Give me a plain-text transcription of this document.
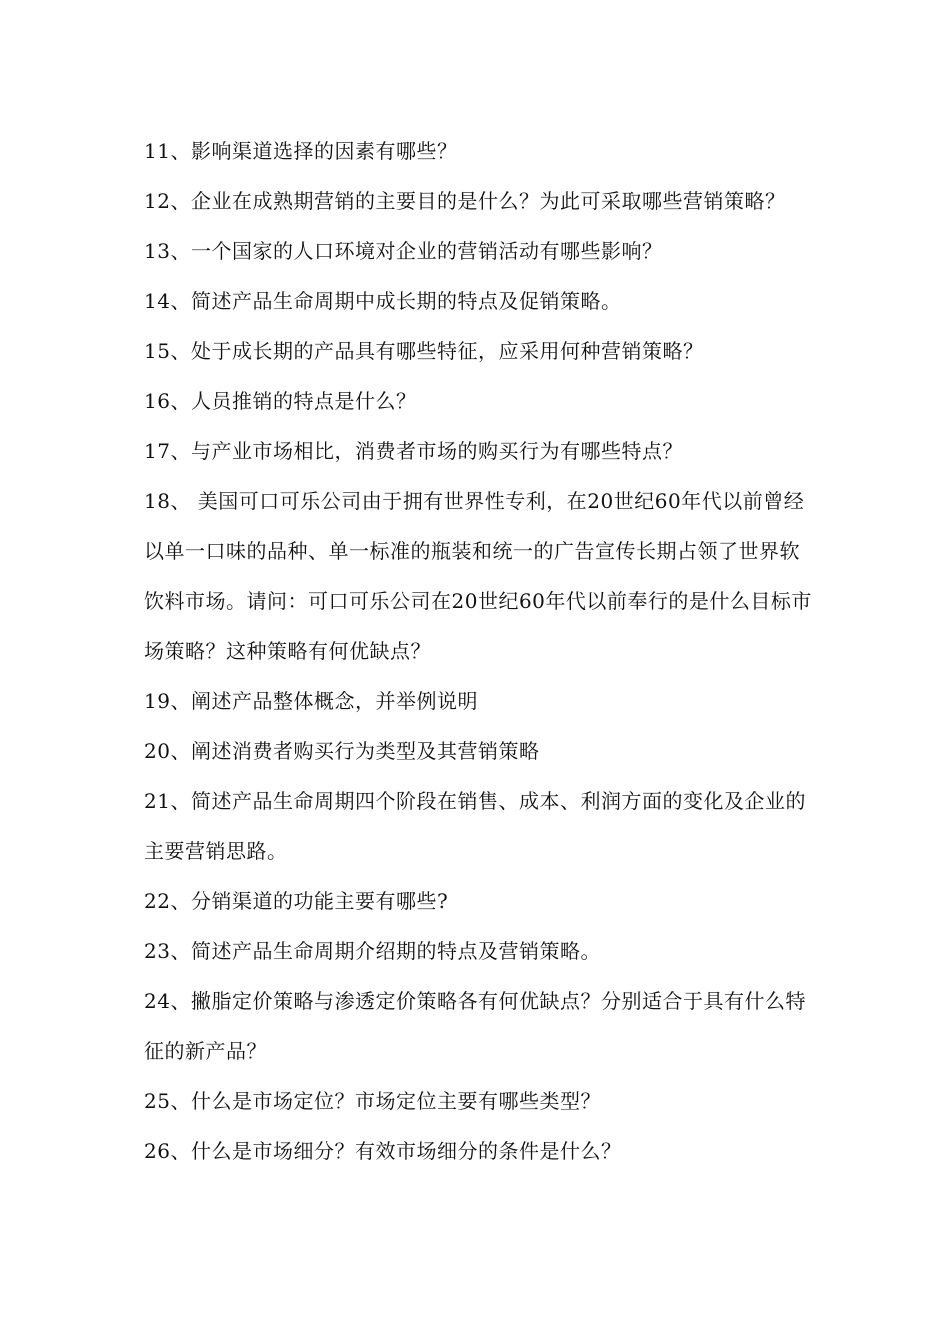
11、影响渠道选择的因素有哪些？
12、企业在成熟期营销的主要目的是什么？为此可采取哪些营销策略？
13、一个国家的人口环境对企业的营销活动有哪些影响？
14、简述产品生命周期中成长期的特点及促销策略。
15、处于成长期的产品具有哪些特征，应采用何种营销策略？
16、人员推销的特点是什么？
17、与产业市场相比，消费者市场的购买行为有哪些特点？
18、 美国可口可乐公司由于拥有世界性专利，在20世纪60年代以前曾经以单一口味的品种、单一标准的瓶装和统一的广告宣传长期占领了世界软饮料市场。请问：可口可乐公司在20世纪60年代以前奉行的是什么目标市场策略？这种策略有何优缺点？
19、阐述产品整体概念，并举例说明
20、阐述消费者购买行为类型及其营销策略
21、简述产品生命周期四个阶段在销售、成本、利润方面的变化及企业的主要营销思路。
22、分销渠道的功能主要有哪些?
23、简述产品生命周期介绍期的特点及营销策略。
24、撇脂定价策略与渗透定价策略各有何优缺点？分别适合于具有什么特征的新产品？
25、什么是市场定位？市场定位主要有哪些类型？
26、什么是市场细分？有效市场细分的条件是什么？
